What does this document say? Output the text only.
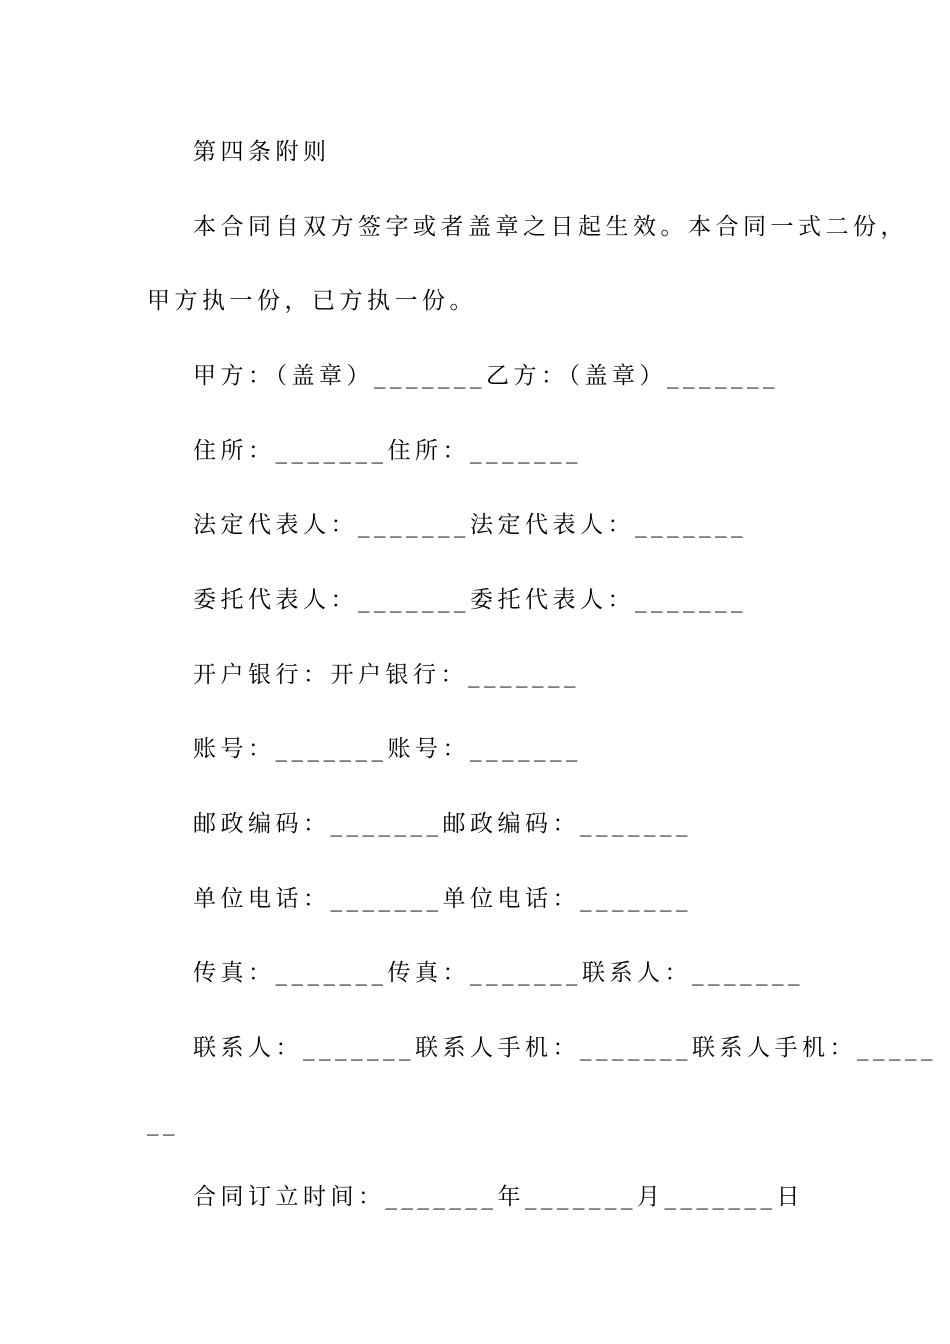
第四条附则
本合同自双方签字或者盖章之日起生效。本合同一式二份，
甲方执一份，已方执一份。
甲方：（盖章）_______乙方：（盖章）_______
住所：_______住所：_______
法定代表人：_______法定代表人：_______
委托代表人：_______委托代表人：_______
开户银行：开户银行：_______
账号：_______账号：_______
邮政编码：_______邮政编码：_______
单位电话：_______单位电话：_______
传真：_______传真：_______联系人：_______
联系人：_______联系人手机：_______联系人手机：_____
__
合同订立时间：_______年_______月_______日
